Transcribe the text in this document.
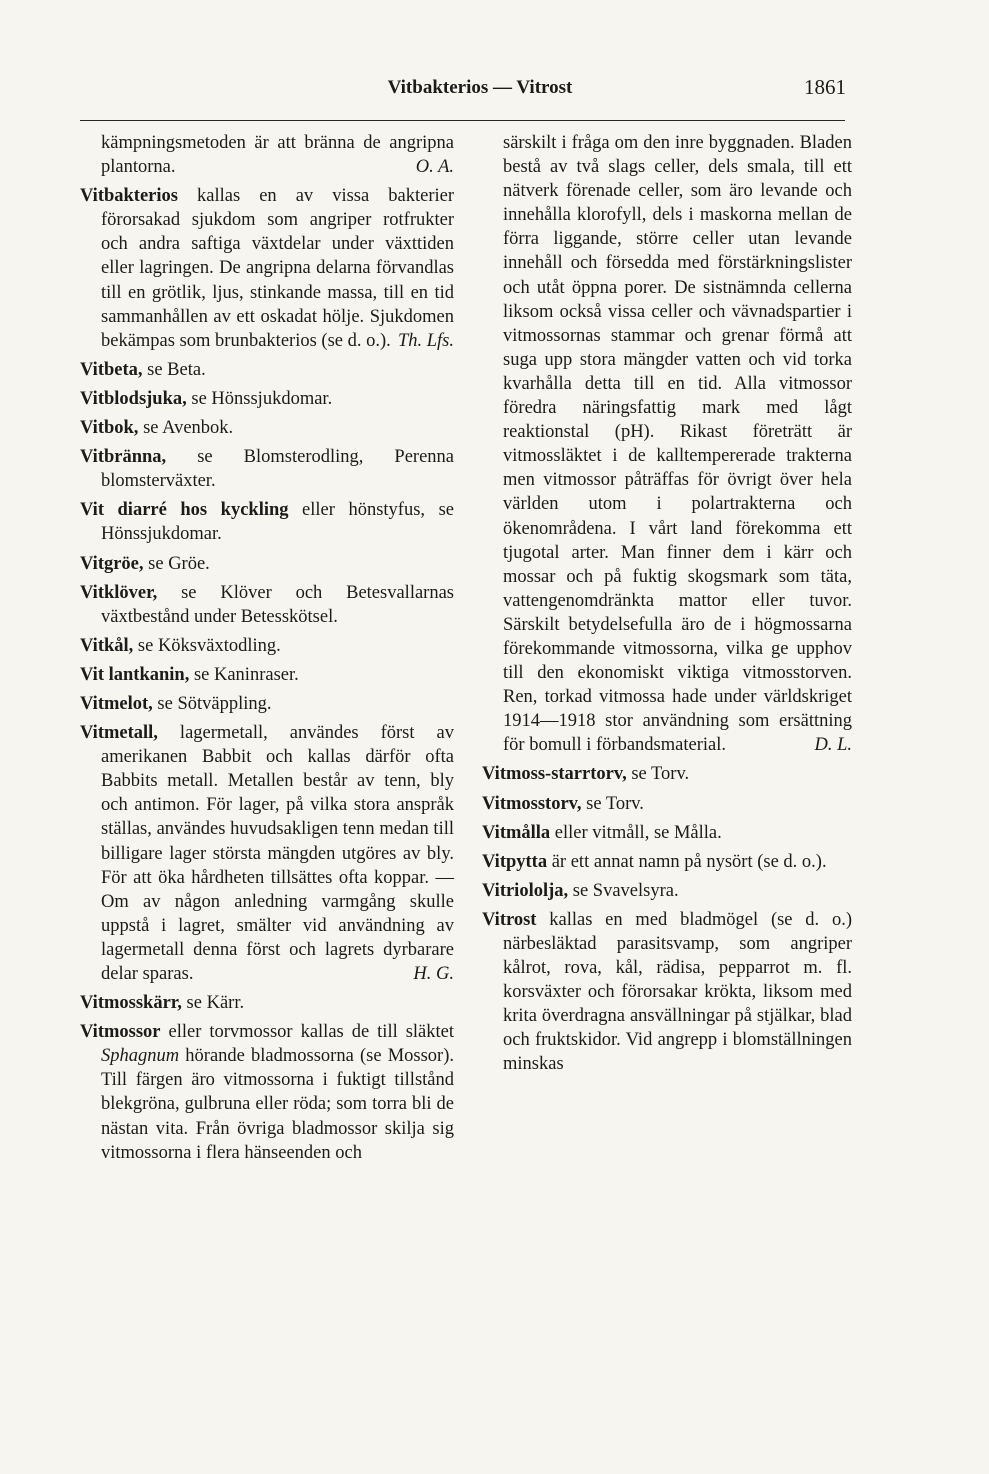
Vitbakterios — Vitrost	1861

kämpningsmetoden är att bränna de angripna plantorna.	O. A.

Vitbakterios kallas en av vissa bakterier förorsakad sjukdom som angriper rotfrukter och andra saftiga växtdelar under växttiden eller lagringen. De angripna delarna förvandlas till en grötlik, ljus, stinkande massa, till en tid sammanhållen av ett oskadat hölje. Sjukdomen bekämpas som brunbakterios (se d. o.). Th. Lfs.

Vitbeta, se Beta.

Vitblodsjuka, se Hönssjukdomar.

Vitbok, se Avenbok.

Vitbränna, se Blomsterodling, Perenna blomsterväxter.

Vit diarré hos kyckling eller hönstyfus, se Hönssjukdomar.

Vitgröe, se Gröe.

Vitklöver, se Klöver och Betesvallarnas växtbestånd under Betesskötsel.

Vitkål, se Köksväxtodling.

Vit lantkanin, se Kaninraser.

Vitmelot, se Sötväppling.

Vitmetall, lagermetall, användes först av amerikanen Babbit och kallas därför ofta Babbits metall. Metallen består av tenn, bly och antimon. För lager, på vilka stora anspråk ställas, användes huvudsakligen tenn medan till billigare lager största mängden utgöres av bly. För att öka hårdheten tillsättes ofta koppar. — Om av någon anledning varmgång skulle uppstå i lagret, smälter vid användning av lagermetall denna först och lagrets dyrbarare delar sparas.	H. G.

Vitmosskärr, se Kärr.

Vitmossor eller torvmossor kallas de till släktet Sphagnum hörande bladmossorna (se Mossor). Till färgen äro vitmossorna i fuktigt tillstånd blekgröna, gulbruna eller röda; som torra bli de nästan vita. Från övriga bladmossor skilja sig vitmossorna i flera hänseenden och

särskilt i fråga om den inre byggnaden. Bladen bestå av två slags celler, dels smala, till ett nätverk förenade celler, som äro levande och innehålla klorofyll, dels i maskorna mellan de förra liggande, större celler utan levande innehåll och försedda med förstärkningslister och utåt öppna porer. De sistnämnda cellerna liksom också vissa celler och vävnadspartier i vitmossornas stammar och grenar förmå att suga upp stora mängder vatten och vid torka kvarhålla detta till en tid. Alla vitmossor föredra näringsfattig mark med lågt reaktionstal (pH). Rikast företrätt är vitmossläktet i de kalltempererade trakterna men vitmossor påträffas för övrigt över hela världen utom i polartrakterna och ökenområdena. I vårt land förekomma ett tjugotal arter. Man finner dem i kärr och mossar och på fuktig skogsmark som täta, vattengenomdränkta mattor eller tuvor. Särskilt betydelsefulla äro de i högmossarna förekommande vitmossorna, vilka ge upphov till den ekonomiskt viktiga vitmosstorven. Ren, torkad vitmossa hade under världskriget 1914—1918 stor användning som ersättning för bomull i förbandsmaterial.	D. L.

Vitmoss-starrtorv, se Torv.

Vitmosstorv, se Torv.

Vitmålla eller vitmåll, se Målla.

Vitpytta är ett annat namn på nysört (se d. o.).

Vitriololja, se Svavelsyra.

Vitrost kallas en med bladmögel (se d. o.) närbesläktad parasitsvamp, som angriper kålrot, rova, kål, rädisa, pepparrot m. fl. korsväxter och förorsakar krökta, liksom med krita överdragna ansvällningar på stjälkar, blad och fruktskidor. Vid angrepp i blomställningen minskas
